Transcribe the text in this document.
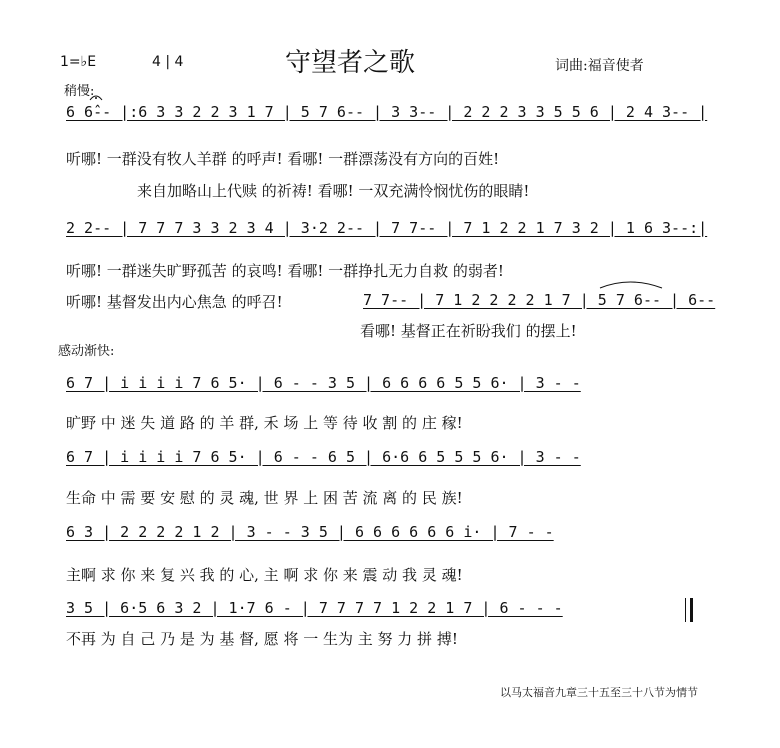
守望者之歌
1=♭E	4 | 4	词曲:福音使者
稍慢:
6 6̂-- |:6 3 3 2 2 3 1 7 | 5 7 6-- | 3 3-- | 2 2 2 3 3 5 5 6 | 2 4 3-- |
听哪! 一群没有牧人羊群 的呼声! 看哪! 一群漂荡没有方向的百姓!
来自加略山上代赎 的祈祷! 看哪! 一双充满怜悯忧伤的眼睛!
2 2-- | 7 7 7 3 3 2 3 4 | 3·2 2-- | 7 7-- | 7 1 2 2 1 7 3 2 | 1 6 3--:|
听哪! 一群迷失旷野孤苦 的哀鸣! 看哪! 一群挣扎无力自救 的弱者!
听哪! 基督发出内心焦急 的呼召!	7 7-- | 7 1 2 2 2 2 1 7 | 5 7 6-- | 6--
看哪! 基督正在祈盼我们 的摆上!
感动渐快:
6 7 | i i i i 7 6 5· | 6 - - 3 5 | 6 6 6 6 5 5 6· | 3 - -
旷野 中 迷 失 道 路 的 羊 群, 禾 场 上 等 待 收 割 的 庄 稼!
6 7 | i i i i 7 6 5· | 6 - - 6 5 | 6·6 6 5 5 5 6· | 3 - -
生命 中 需 要 安 慰 的 灵 魂, 世 界 上 困 苦 流 离 的 民 族!
6 3 | 2 2 2 2 1 2 | 3 - - 3 5 | 6 6 6 6 6 6 i· | 7 - -
主啊 求 你 来 复 兴 我 的 心, 主 啊 求 你 来 震 动 我 灵 魂!
3 5 | 6·5 6 3 2 | 1·7 6 - | 7 7 7 7 1 2 2 1 7 | 6 - - -
不再 为 自 己 乃 是 为 基 督, 愿 将 一 生为 主 努 力 拼 搏!
以马太福音九章三十五至三十八节为情节
